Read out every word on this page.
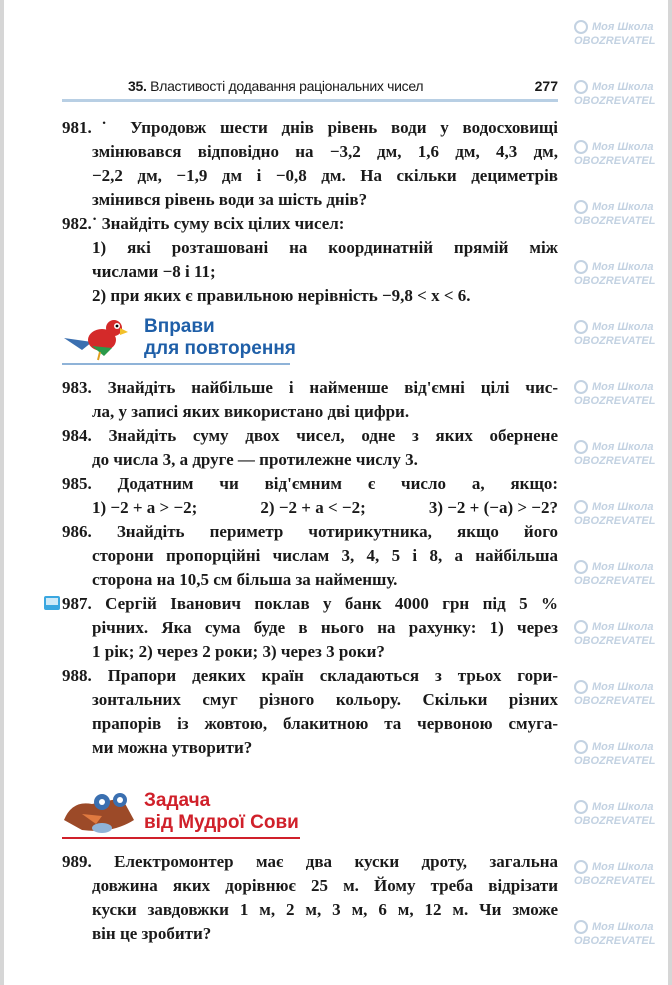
Моя Школа
OBOZREVATEL
Моя Школа
OBOZREVATEL
Моя Школа
OBOZREVATEL
Моя Школа
OBOZREVATEL
Моя Школа
OBOZREVATEL
Моя Школа
OBOZREVATEL
Моя Школа
OBOZREVATEL
Моя Школа
OBOZREVATEL
Моя Школа
OBOZREVATEL
Моя Школа
OBOZREVATEL
Моя Школа
OBOZREVATEL
Моя Школа
OBOZREVATEL
Моя Школа
OBOZREVATEL
Моя Школа
OBOZREVATEL
Моя Школа
OBOZREVATEL
Моя Школа
OBOZREVATEL
35. Властивості додавання раціональних чисел	277
981.˙ Упродовж шести днів рівень води у водосховищі
змінювався відповідно на −3,2 дм, 1,6 дм, 4,3 дм,
−2,2 дм, −1,9 дм і −0,8 дм. На скільки дециметрів
змінився рівень води за шість днів?
982.˙ Знайдіть суму всіх цілих чисел:
1) які розташовані на координатній прямій між
числами −8 і 11;
2) при яких є правильною нерівність −9,8 < x < 6.
Вправи
для повторення
983. Знайдіть найбільше і найменше від'ємні цілі чис-
ла, у записі яких використано дві цифри.
984. Знайдіть суму двох чисел, одне з яких обернене
до числа 3, а друге — протилежне числу 3.
985. Додатним чи від'ємним є число a, якщо:
1) −2 + a > −2;	2) −2 + a < −2;	3) −2 + (−a) > −2?
986. Знайдіть периметр чотирикутника, якщо його
сторони пропорційні числам 3, 4, 5 і 8, а найбільша
сторона на 10,5 см більша за найменшу.
987. Сергій Іванович поклав у банк 4000 грн під 5 %
річних. Яка сума буде в нього на рахунку: 1) через
1 рік; 2) через 2 роки; 3) через 3 роки?
988. Прапори деяких країн складаються з трьох гори-
зонтальних смуг різного кольору. Скільки різних
прапорів із жовтою, блакитною та червоною смуга-
ми можна утворити?
Задача
від Мудрої Сови
989. Електромонтер має два куски дроту, загальна
довжина яких дорівнює 25 м. Йому треба відрізати
куски завдовжки 1 м, 2 м, 3 м, 6 м, 12 м. Чи зможе
він це зробити?
